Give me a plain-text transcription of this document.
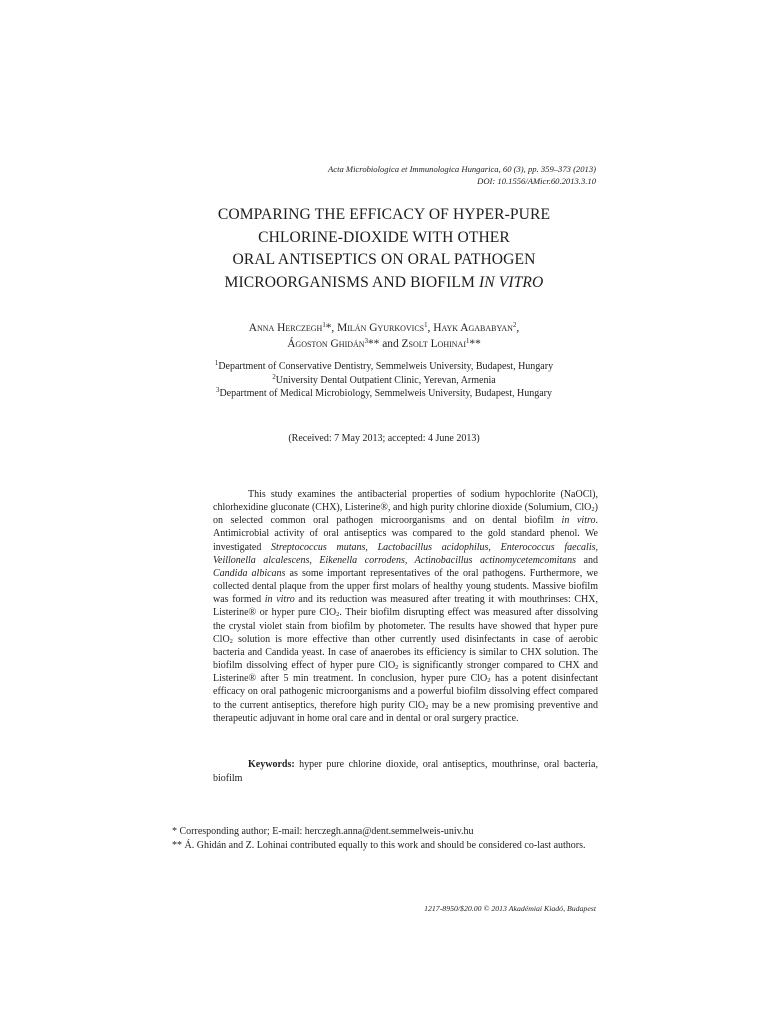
Acta Microbiologica et Immunologica Hungarica, 60 (3), pp. 359–373 (2013)
DOI: 10.1556/AMicr.60.2013.3.10
COMPARING THE EFFICACY OF HYPER-PURE
CHLORINE-DIOXIDE WITH OTHER
ORAL ANTISEPTICS ON ORAL PATHOGEN
MICROORGANISMS AND BIOFILM IN VITRO
Anna Herczegh$^1$*, Milán Gyurkovics$^1$, Hayk Agababyan$^2$,
Ágoston Ghidán$^3$** and Zsolt Lohinai$^1$**
$^1$Department of Conservative Dentistry, Semmelweis University, Budapest, Hungary
$^2$University Dental Outpatient Clinic, Yerevan, Armenia
$^3$Department of Medical Microbiology, Semmelweis University, Budapest, Hungary
(Received: 7 May 2013; accepted: 4 June 2013)

This study examines the antibacterial properties of sodium hypochlorite (NaOCl), chlorhexidine gluconate (CHX), Listerine®, and high purity chlorine dioxide (Solumium, ClO$_2$) on selected common oral pathogen microorganisms and on dental biofilm in vitro. Antimicrobial activity of oral antiseptics was compared to the gold standard phenol. We investigated Streptococcus mutans, Lactobacillus acidophilus, Enterococcus faecalis, Veillonella alcalescens, Eikenella corrodens, Actinobacillus actinomycetemcomitans and Candida albicans as some important representatives of the oral pathogens. Furthermore, we collected dental plaque from the upper first molars of healthy young students. Massive biofilm was formed in vitro and its reduction was measured after treating it with mouthrinses: CHX, Listerine® or hyper pure ClO$_2$. Their biofilm disrupting effect was measured after dissolving the crystal violet stain from biofilm by photometer. The results have showed that hyper pure ClO$_2$ solution is more effective than other currently used disinfectants in case of aerobic bacteria and Candida yeast. In case of anaerobes its efficiency is similar to CHX solution. The biofilm dissolving effect of hyper pure ClO$_2$ is significantly stronger compared to CHX and Listerine® after 5 min treatment. In conclusion, hyper pure ClO$_2$ has a potent disinfectant efficacy on oral pathogenic microorganisms and a powerful biofilm dissolving effect compared to the current antiseptics, therefore high purity ClO$_2$ may be a new promising preventive and therapeutic adjuvant in home oral care and in dental or oral surgery practice.

Keywords: hyper pure chlorine dioxide, oral antiseptics, mouthrinse, oral bacteria, biofilm

* Corresponding author; E-mail: herczegh.anna@dent.semmelweis-univ.hu

** Á. Ghidán and Z. Lohinai contributed equally to this work and should be considered co-last authors.

1217-8950/$20.00 © 2013 Akadémiai Kiadó, Budapest
